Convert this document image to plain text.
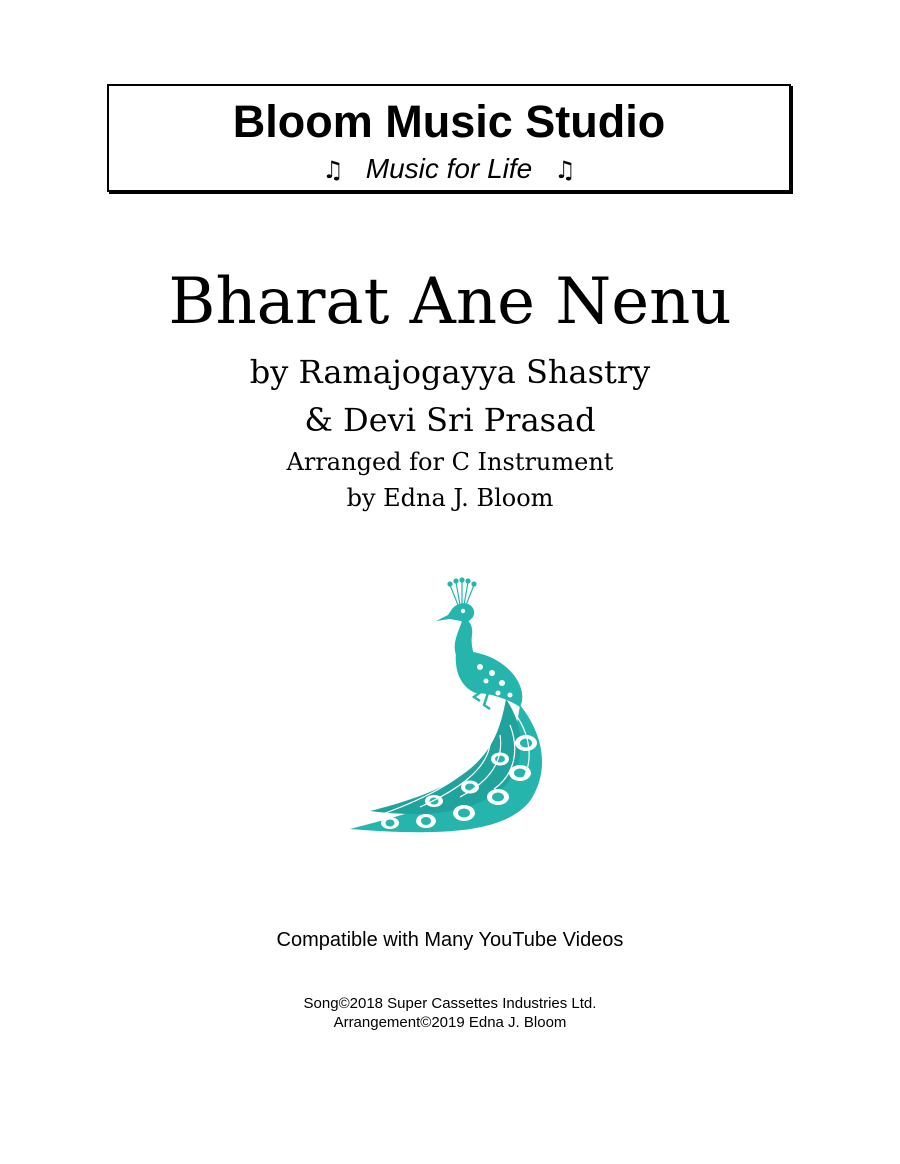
Bloom Music Studio
♫ Music for Life ♫
Bharat Ane Nenu
by Ramajogayya Shastry
& Devi Sri Prasad
Arranged for C Instrument
by Edna J. Bloom
Compatible with Many YouTube Videos
Song©2018 Super Cassettes Industries Ltd.
Arrangement©2019 Edna J. Bloom
